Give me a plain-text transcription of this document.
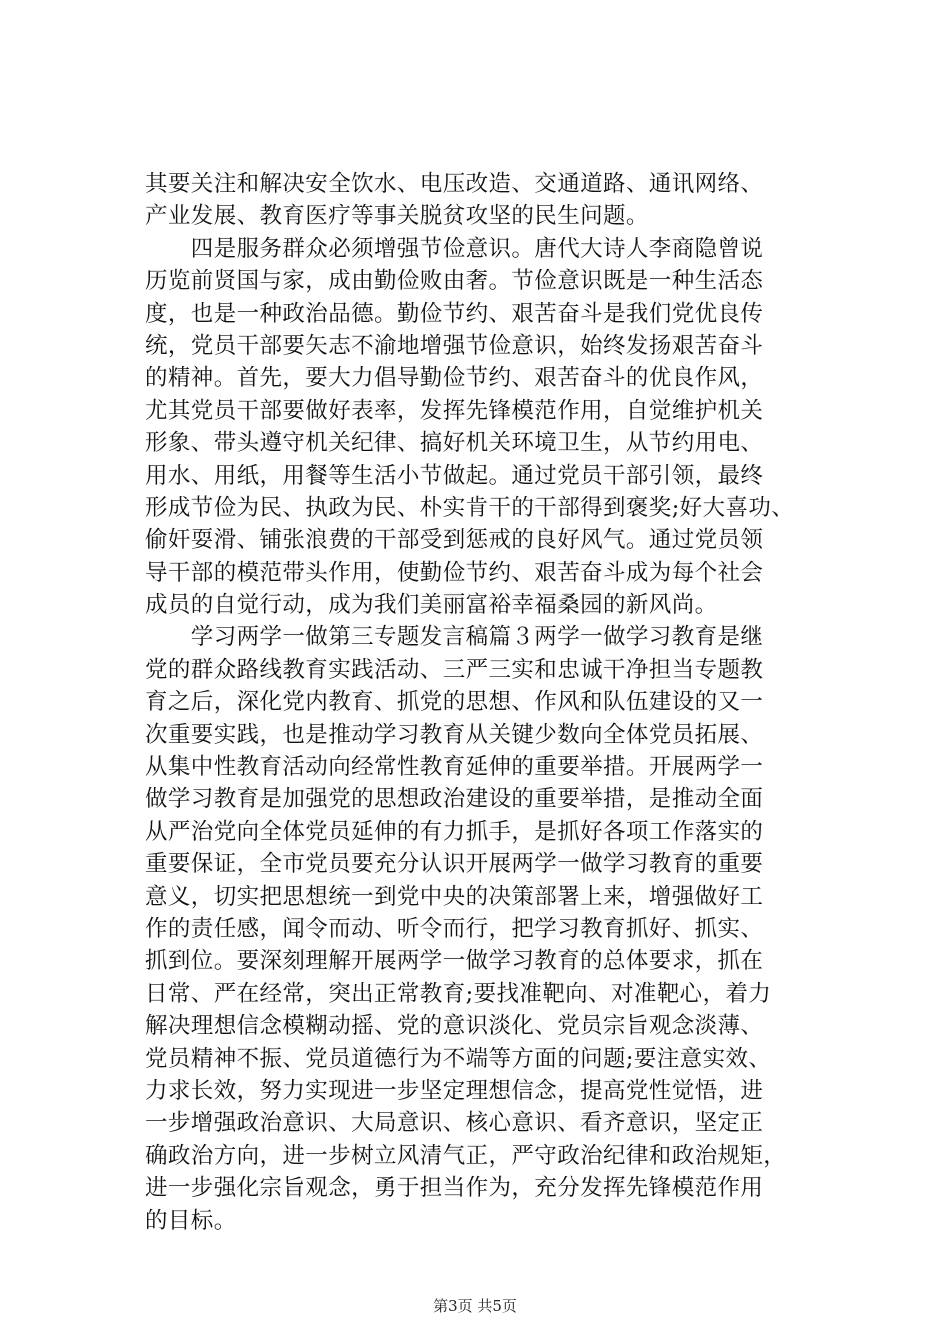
其要关注和解决安全饮水、电压改造、交通道路、通讯网络、
产业发展、教育医疗等事关脱贫攻坚的民生问题。
　　四是服务群众必须增强节俭意识。唐代大诗人李商隐曾说
历览前贤国与家，成由勤俭败由奢。节俭意识既是一种生活态
度，也是一种政治品德。勤俭节约、艰苦奋斗是我们党优良传
统，党员干部要矢志不渝地增强节俭意识，始终发扬艰苦奋斗
的精神。首先，要大力倡导勤俭节约、艰苦奋斗的优良作风，
尤其党员干部要做好表率，发挥先锋模范作用，自觉维护机关
形象、带头遵守机关纪律、搞好机关环境卫生，从节约用电、
用水、用纸，用餐等生活小节做起。通过党员干部引领，最终
形成节俭为民、执政为民、朴实肯干的干部得到褒奖;好大喜功、
偷奸耍滑、铺张浪费的干部受到惩戒的良好风气。通过党员领
导干部的模范带头作用，使勤俭节约、艰苦奋斗成为每个社会
成员的自觉行动，成为我们美丽富裕幸福桑园的新风尚。
　　学习两学一做第三专题发言稿篇３两学一做学习教育是继
党的群众路线教育实践活动、三严三实和忠诚干净担当专题教
育之后，深化党内教育、抓党的思想、作风和队伍建设的又一
次重要实践，也是推动学习教育从关键少数向全体党员拓展、
从集中性教育活动向经常性教育延伸的重要举措。开展两学一
做学习教育是加强党的思想政治建设的重要举措，是推动全面
从严治党向全体党员延伸的有力抓手，是抓好各项工作落实的
重要保证，全市党员要充分认识开展两学一做学习教育的重要
意义，切实把思想统一到党中央的决策部署上来，增强做好工
作的责任感，闻令而动、听令而行，把学习教育抓好、抓实、
抓到位。要深刻理解开展两学一做学习教育的总体要求，抓在
日常、严在经常，突出正常教育;要找准靶向、对准靶心，着力
解决理想信念模糊动摇、党的意识淡化、党员宗旨观念淡薄、
党员精神不振、党员道德行为不端等方面的问题;要注意实效、
力求长效，努力实现进一步坚定理想信念，提高党性觉悟，进
一步增强政治意识、大局意识、核心意识、看齐意识，坚定正
确政治方向，进一步树立风清气正，严守政治纪律和政治规矩，
进一步强化宗旨观念，勇于担当作为，充分发挥先锋模范作用
的目标。
第3页 共5页
